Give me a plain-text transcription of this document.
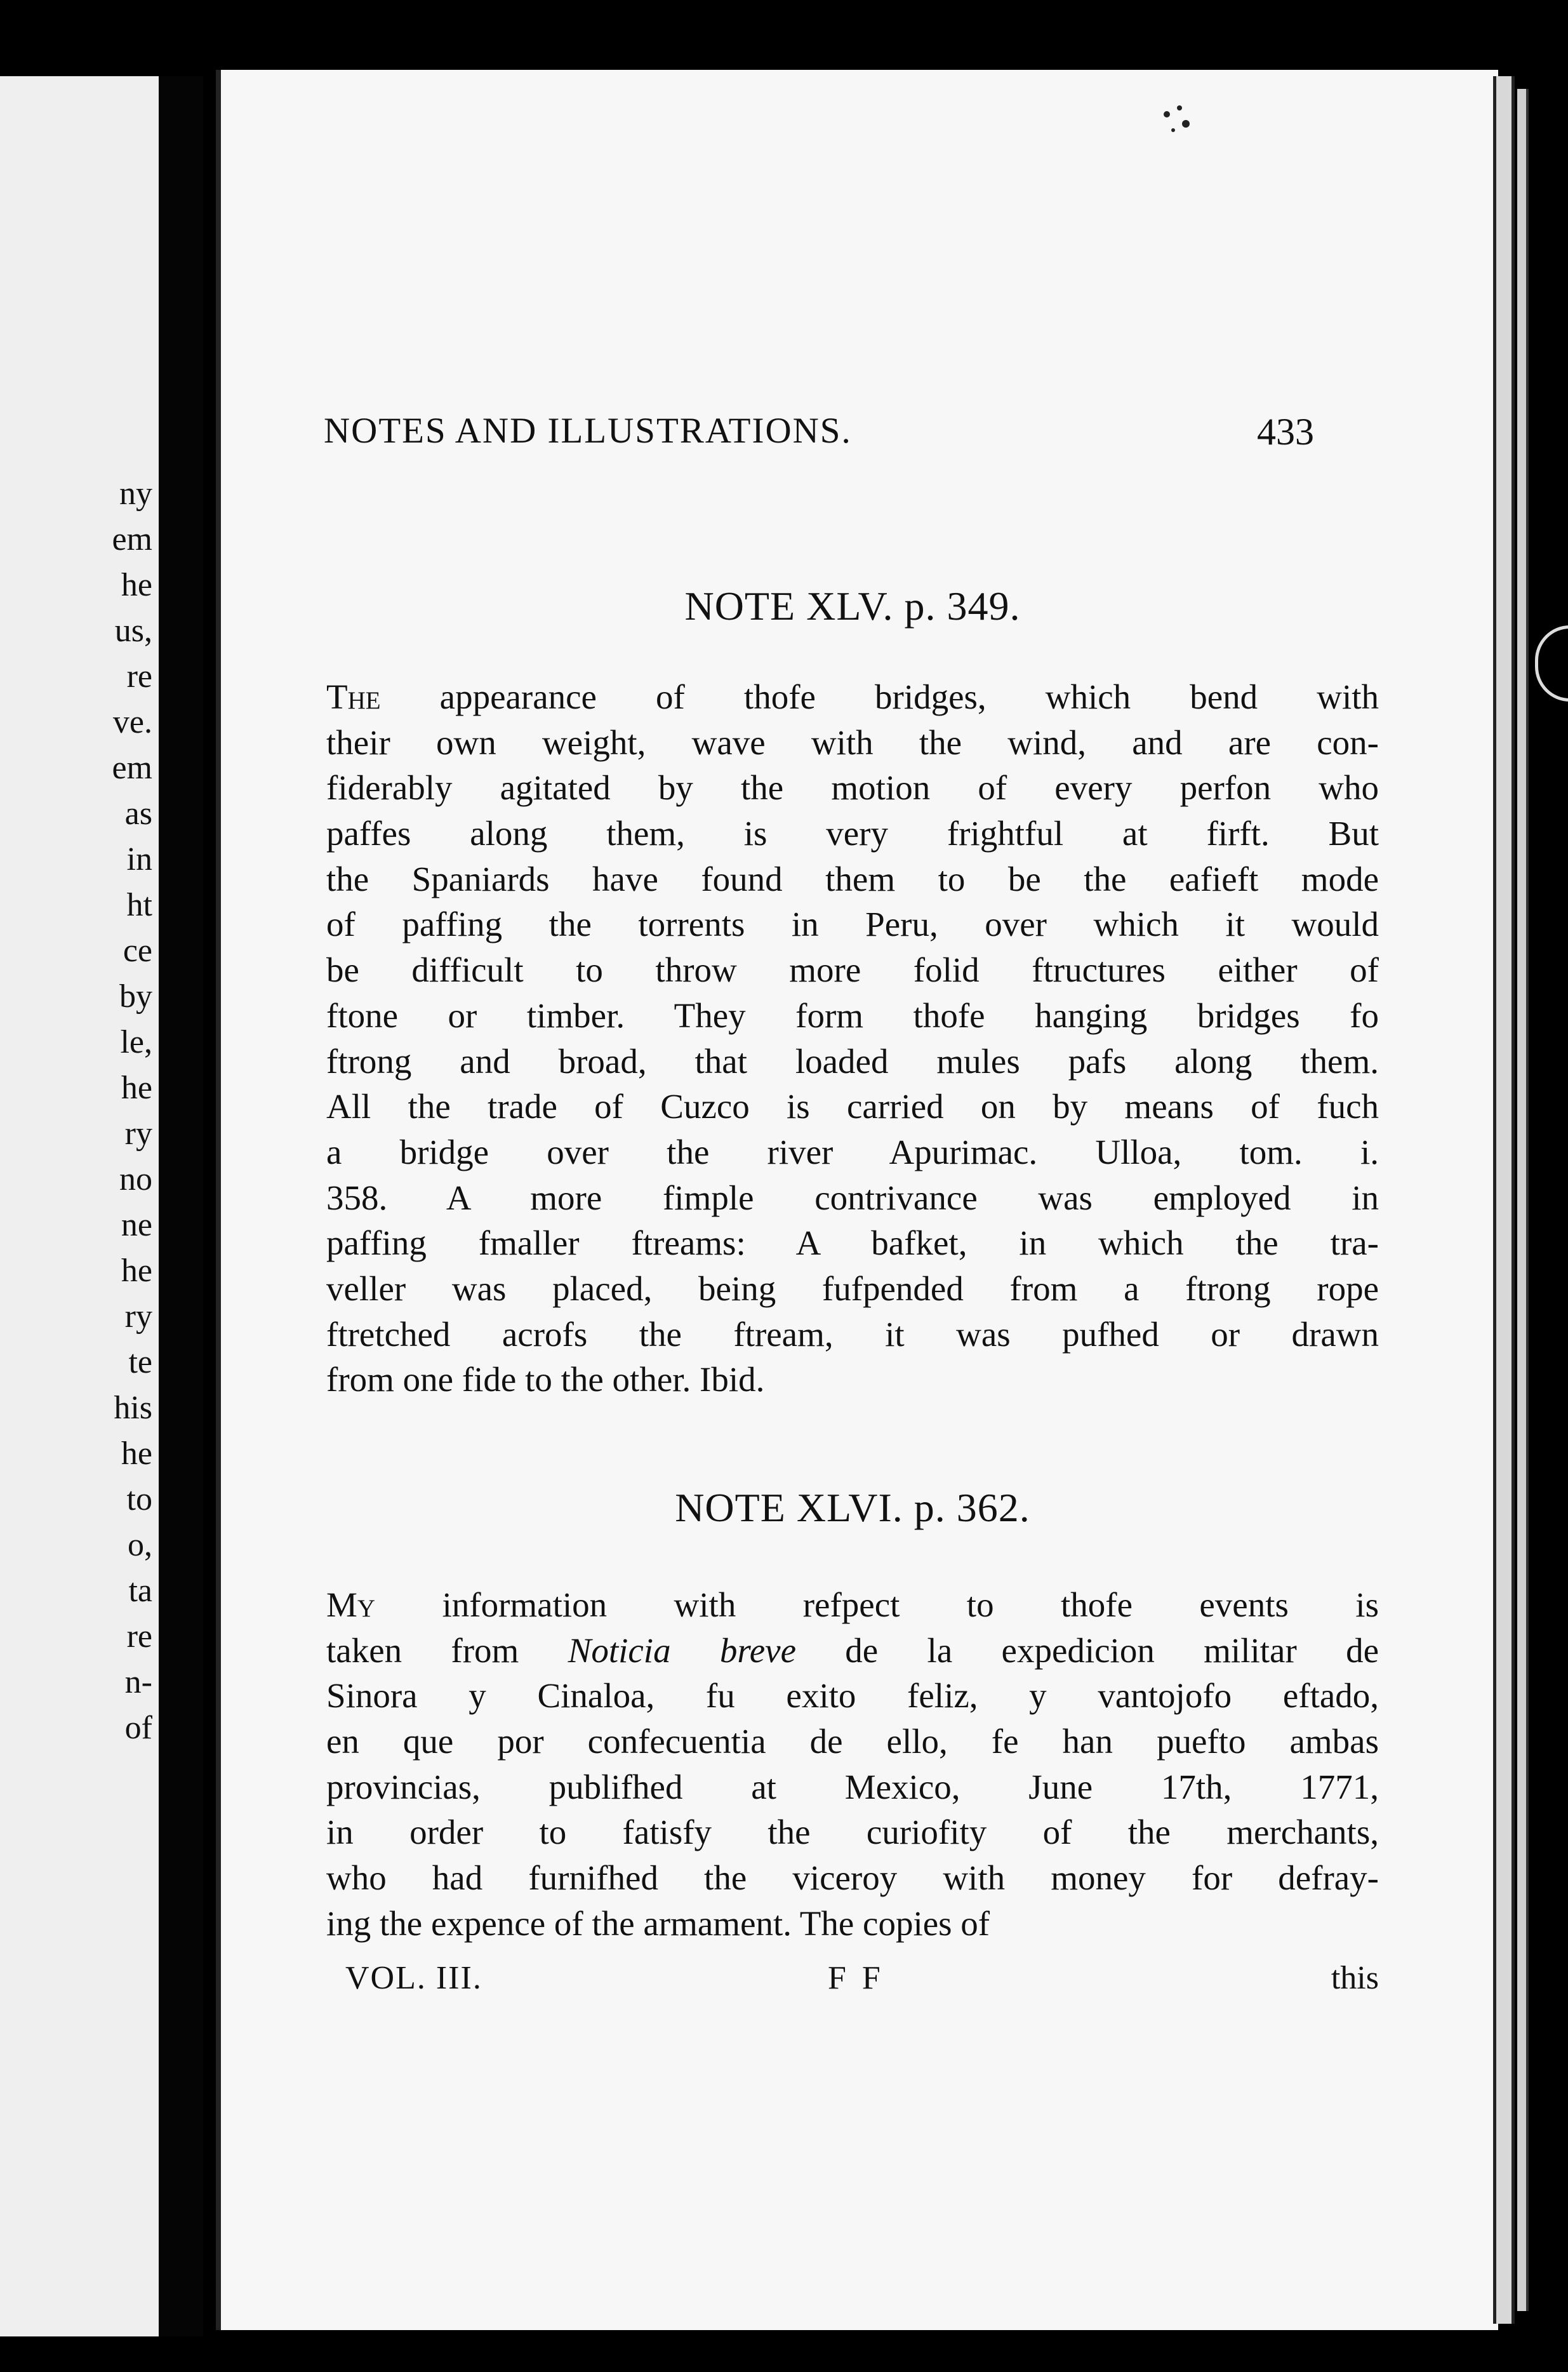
ny
em
he
us,
re
ve.
em
as
in
ht
ce
by
le,
he
ry
no
ne
he
ry
te
his
he
to
o,
ta
re
n-
of
NOTES AND ILLUSTRATIONS.	433
NOTE XLV. p. 349.
The appearance of thofe bridges, which bend with
their own weight, wave with the wind, and are con-
fiderably agitated by the motion of every perfon who
paffes along them, is very frightful at firft. But
the Spaniards have found them to be the eafieft mode
of paffing the torrents in Peru, over which it would
be difficult to throw more folid ftructures either of
ftone or timber. They form thofe hanging bridges fo
ftrong and broad, that loaded mules pafs along them.
All the trade of Cuzco is carried on by means of fuch
a bridge over the river Apurimac. Ulloa, tom. i.
358. A more fimple contrivance was employed in
paffing fmaller ftreams: A bafket, in which the tra-
veller was placed, being fufpended from a ftrong rope
ftretched acrofs the ftream, it was pufhed or drawn
from one fide to the other. Ibid.
NOTE XLVI. p. 362.
My information with refpect to thofe events is
taken from Noticia breve de la expedicion militar de
Sinora y Cinaloa, fu exito feliz, y vantojofo eftado,
en que por confecuentia de ello, fe han puefto ambas
provincias, publifhed at Mexico, June 17th, 1771,
in order to fatisfy the curiofity of the merchants,
who had furnifhed the viceroy with money for defray-
ing the expence of the armament. The copies of
VOL. III.	F F	this
